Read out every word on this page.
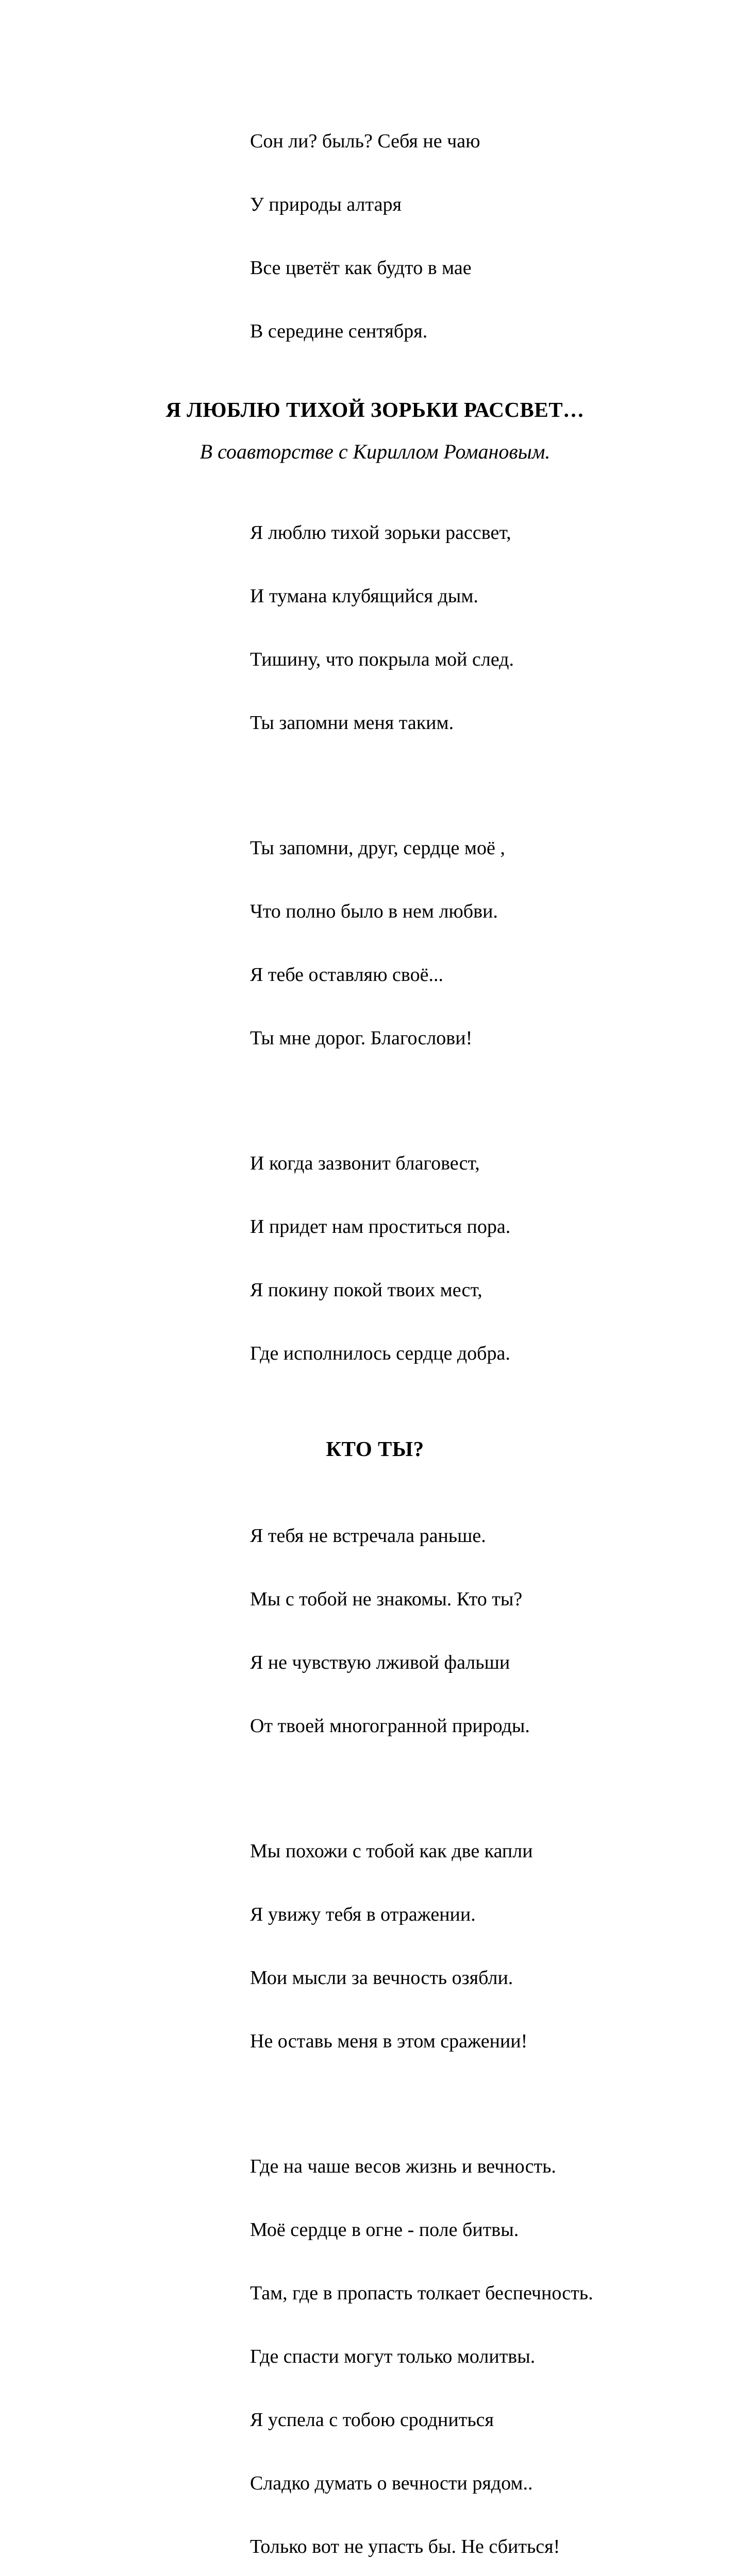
Сон ли? быль? Себя не чаю

У природы алтаря

Все цветёт как будто в мае

В середине сентября.

Я ЛЮБЛЮ ТИХОЙ ЗОРЬКИ РАССВЕТ…
В соавторстве с Кириллом Романовым.

Я люблю тихой зорьки рассвет,

И тумана клубящийся дым.

Тишину, что покрыла мой след.

Ты запомни меня таким.

Ты запомни, друг, сердце моё ,

Что полно было в нем любви.

Я тебе оставляю своё...

Ты мне дорог. Благослови!

И когда зазвонит благовест,

И придет нам проститься пора.

Я покину покой твоих мест,

Где исполнилось сердце добра.

КТО ТЫ?

Я тебя не встречала раньше.

Мы с тобой не знакомы. Кто ты?

Я не чувствую лживой фальши

От твоей многогранной природы.

Мы похожи с тобой как две капли

Я увижу тебя в отражении.

Мои мысли за вечность озябли.

Не оставь меня в этом сражении!

Где на чаше весов жизнь и вечность.

Моё сердце в огне - поле битвы.

Там, где в пропасть толкает беспечность.

Где спасти могут только молитвы.

Я успела с тобою сродниться

Сладко думать о вечности рядом..

Только вот не упасть бы. Не сбиться!
